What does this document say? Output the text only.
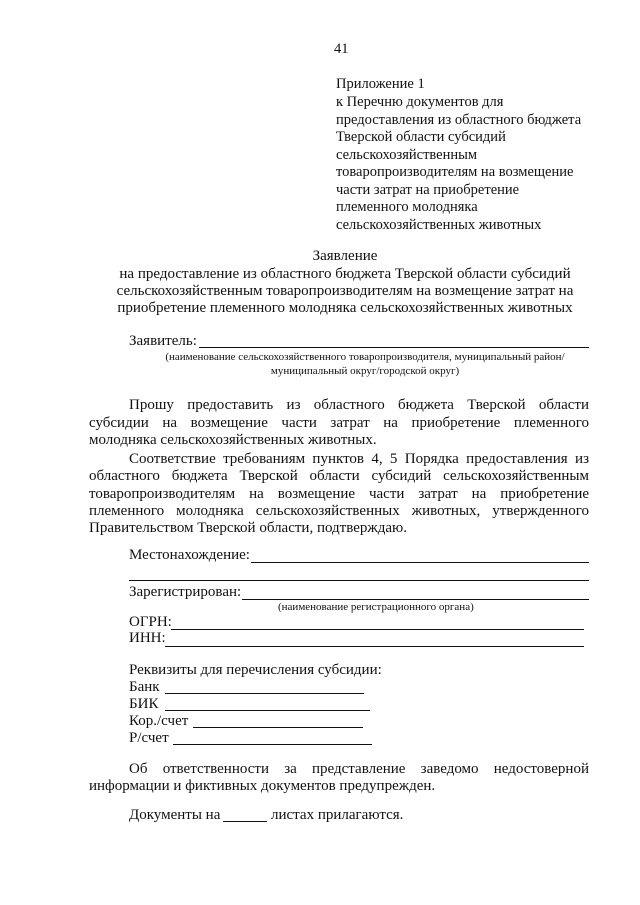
41
Приложение 1
к Перечню документов для
предоставления из областного бюджета
Тверской области субсидий
сельскохозяйственным
товаропроизводителям на возмещение
части затрат на приобретение
племенного молодняка
сельскохозяйственных животных
Заявление
на предоставление из областного бюджета Тверской области субсидий
сельскохозяйственным товаропроизводителям на возмещение затрат на
приобретение племенного молодняка сельскохозяйственных животных
Заявитель:
(наименование сельскохозяйственного товаропроизводителя, муниципальный район/
муниципальный округ/городской округ)
Прошу предоставить из областного бюджета Тверской области
субсидии на возмещение части затрат на приобретение племенного
молодняка сельскохозяйственных животных.
Соответствие требованиям пунктов 4, 5 Порядка предоставления из
областного бюджета Тверской области субсидий сельскохозяйственным
товаропроизводителям на возмещение части затрат на приобретение
племенного молодняка сельскохозяйственных животных, утвержденного
Правительством Тверской области, подтверждаю.
Местонахождение:
Зарегистрирован:
(наименование регистрационного органа)
ОГРН:
ИНН:
Реквизиты для перечисления субсидии:
Банк
БИК
Кор./счет
Р/счет
Об ответственности за представление заведомо недостоверной
информации и фиктивных документов предупрежден.
Документы на	листах прилагаются.
